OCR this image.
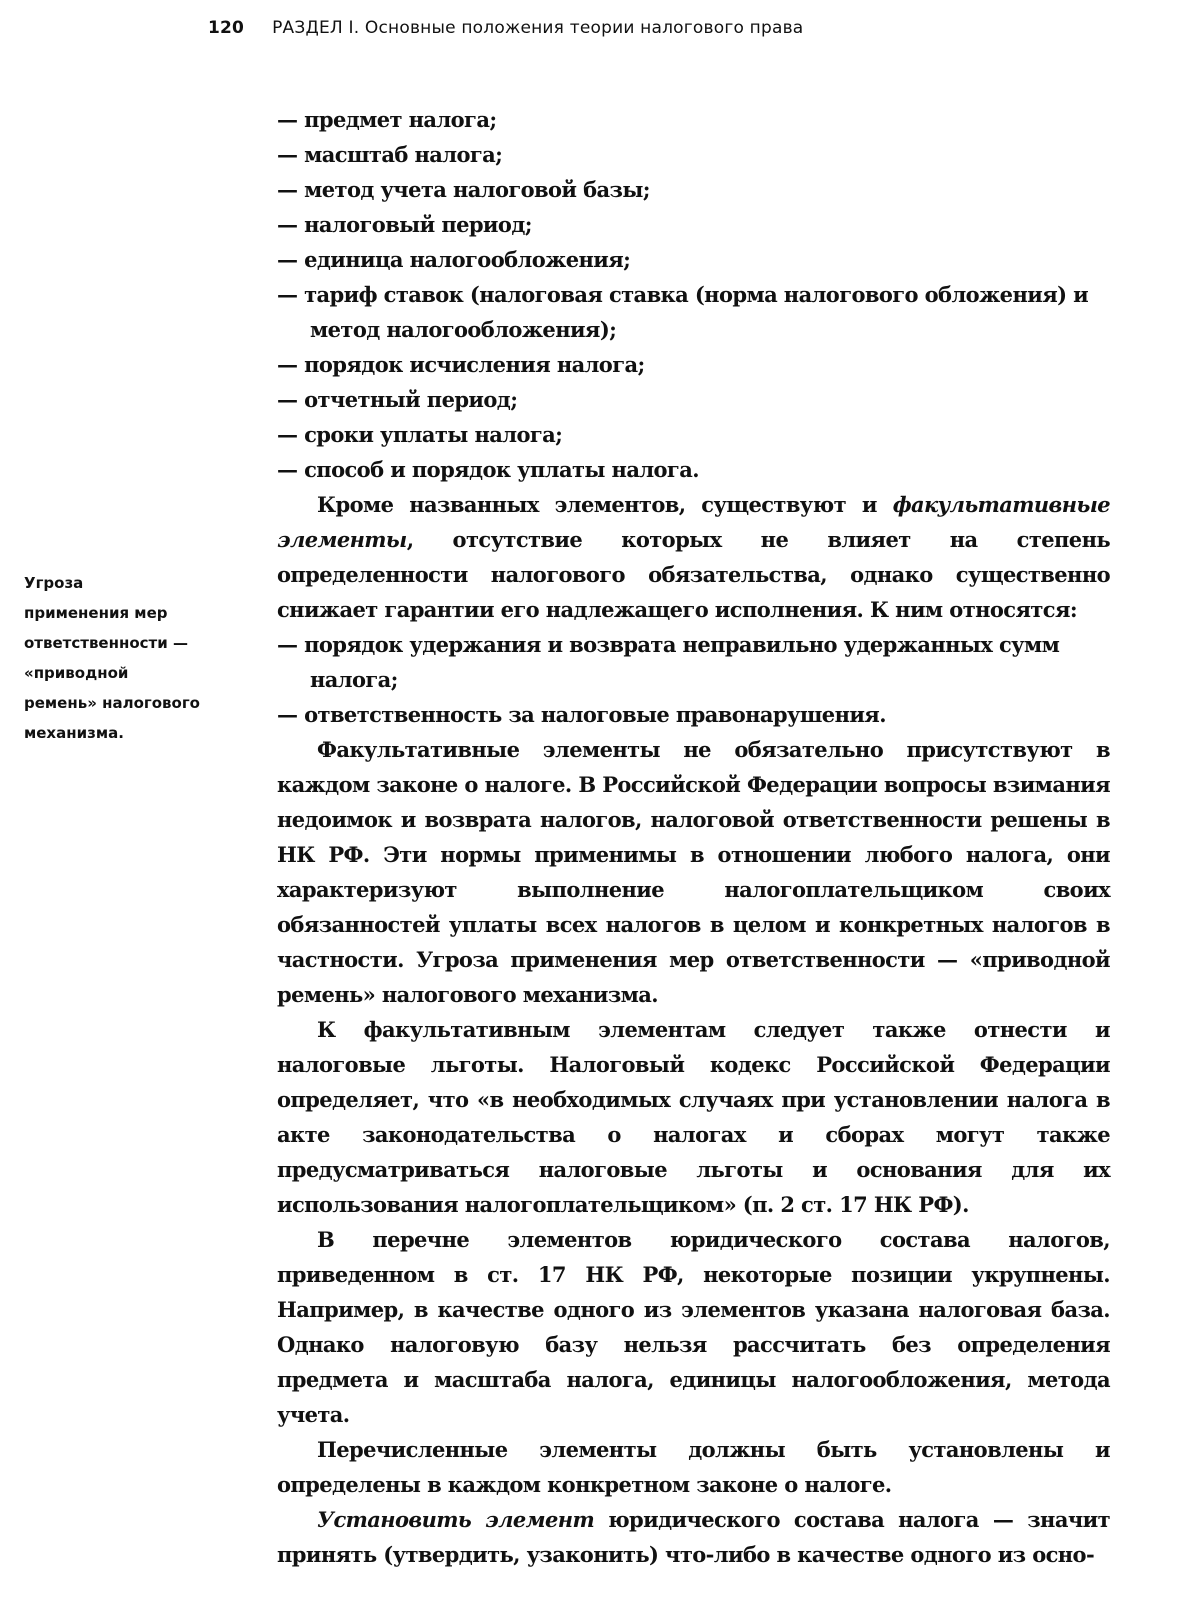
120 РАЗДЕЛ I. Основные положения теории налогового права
Угроза
применения мер
ответственности —
«приводной
ремень» налогового
механизма.
— предмет налога;
— масштаб налога;
— метод учета налоговой базы;
— налоговый период;
— единица налогообложения;
— тариф ставок (налоговая ставка (норма налогового обложения) и метод налогообложения);
— порядок исчисления налога;
— отчетный период;
— сроки уплаты налога;
— способ и порядок уплаты налога.

Кроме названных элементов, существуют и факультативные элементы, отсутствие которых не влияет на степень определенности налогового обязательства, однако существенно снижает гарантии его надлежащего исполнения. К ним относятся:

— порядок удержания и возврата неправильно удержанных сумм налога;
— ответственность за налоговые правонарушения.

Факультативные элементы не обязательно присутствуют в каждом законе о налоге. В Российской Федерации вопросы взимания недоимок и возврата налогов, налоговой ответственности решены в НК РФ. Эти нормы применимы в отношении любого налога, они характеризуют выполнение налогоплательщиком своих обязанностей уплаты всех налогов в целом и конкретных налогов в частности. Угроза применения мер ответственности — «приводной ремень» налогового механизма.

К факультативным элементам следует также отнести и налоговые льготы. Налоговый кодекс Российской Федерации определяет, что «в необходимых случаях при установлении налога в акте законодательства о налогах и сборах могут также предусматриваться налоговые льготы и основания для их использования налогоплательщиком» (п. 2 ст. 17 НК РФ).

В перечне элементов юридического состава налогов, приведенном в ст. 17 НК РФ, некоторые позиции укрупнены. Например, в качестве одного из элементов указана налоговая база. Однако налоговую базу нельзя рассчитать без определения предмета и масштаба налога, единицы налогообложения, метода учета.

Перечисленные элементы должны быть установлены и определены в каждом конкретном законе о налоге.

Установить элемент юридического состава налога — значит принять (утвердить, узаконить) что-либо в качестве одного из осно-
